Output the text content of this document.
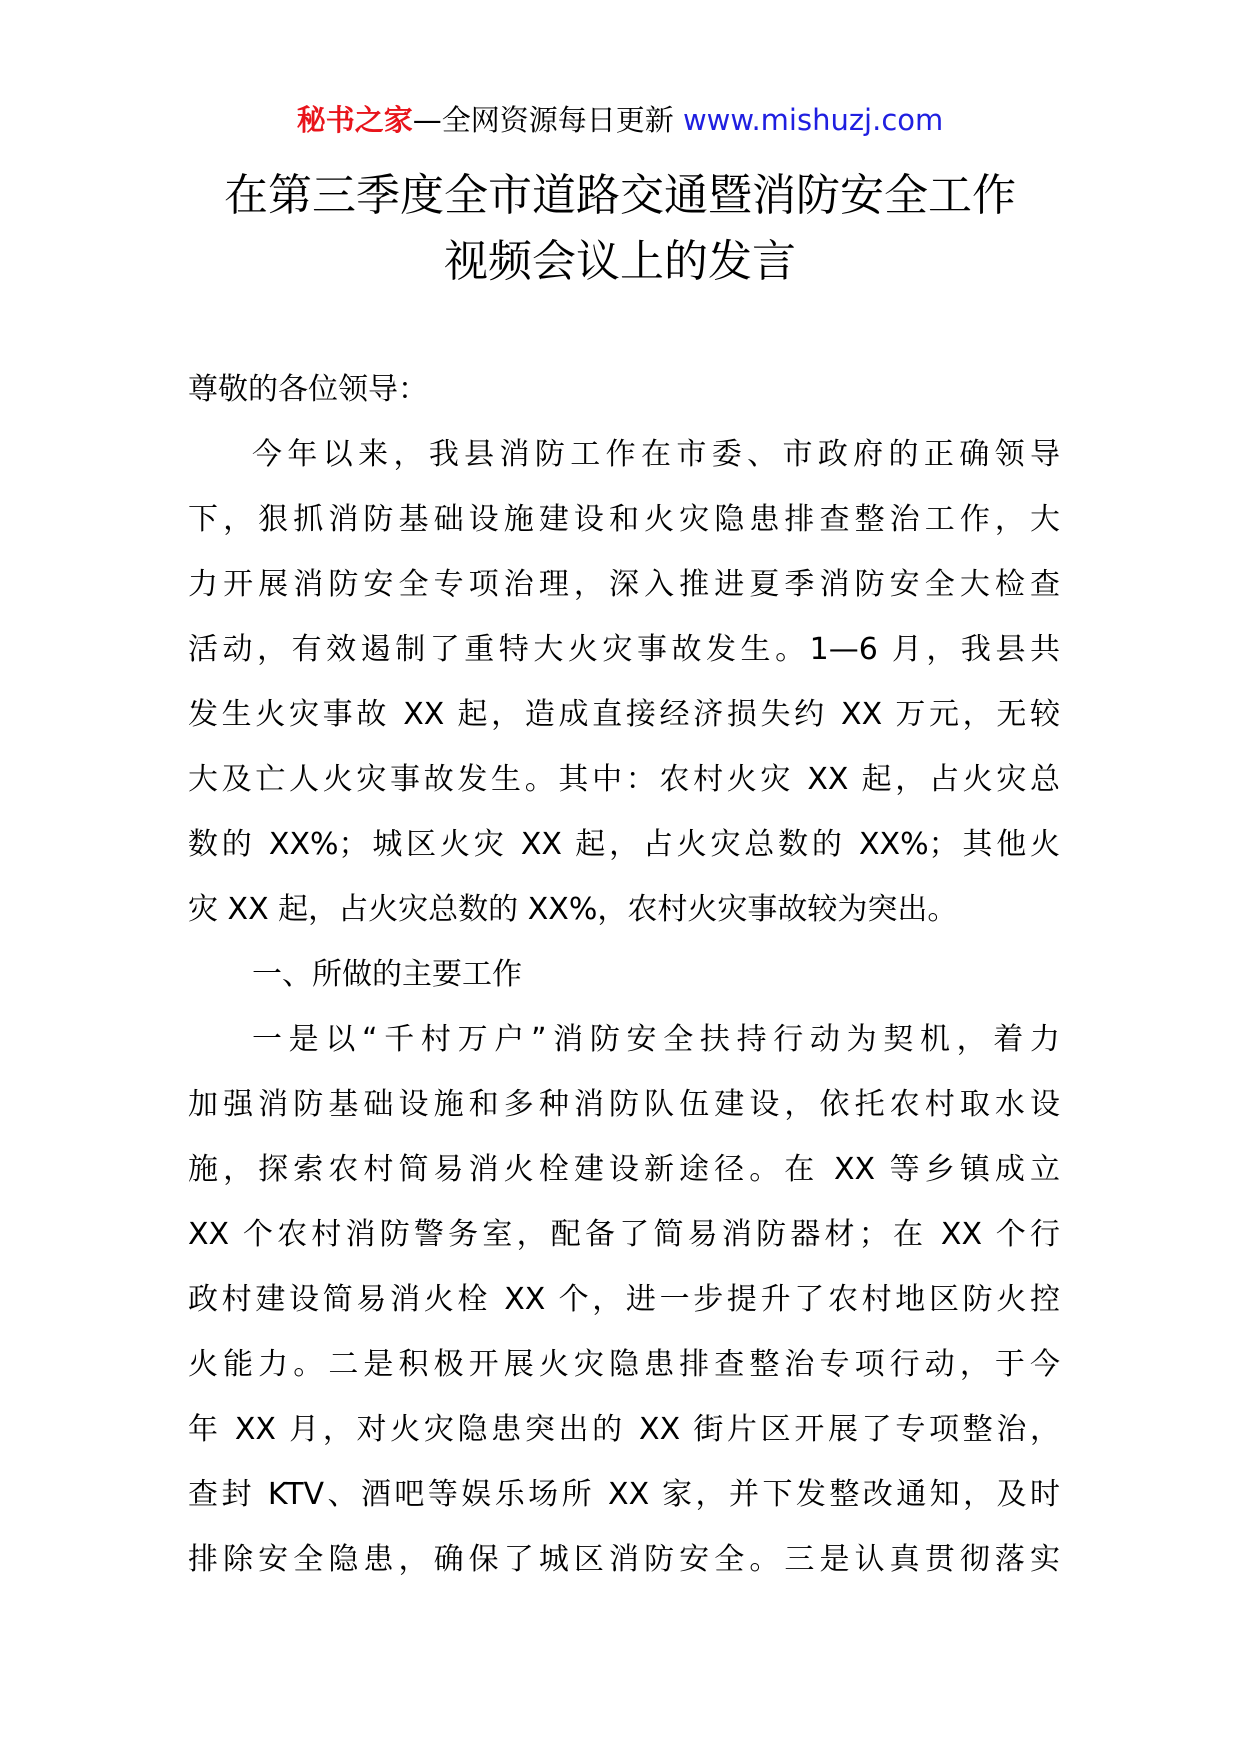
秘书之家—全网资源每日更新 www.mishuzj.com
在第三季度全市道路交通暨消防安全工作
视频会议上的发言
尊敬的各位领导：
今年以来，我县消防工作在市委、市政府的正确领导
下，狠抓消防基础设施建设和火灾隐患排查整治工作，大
力开展消防安全专项治理，深入推进夏季消防安全大检查
活动，有效遏制了重特大火灾事故发生。1—6 月，我县共
发生火灾事故 XX 起，造成直接经济损失约 XX 万元，无较
大及亡人火灾事故发生。其中：农村火灾 XX 起，占火灾总
数的 XX%；城区火灾 XX 起，占火灾总数的 XX%；其他火
灾 XX 起，占火灾总数的 XX%，农村火灾事故较为突出。
一、所做的主要工作
一是以“千村万户”消防安全扶持行动为契机，着力
加强消防基础设施和多种消防队伍建设，依托农村取水设
施，探索农村简易消火栓建设新途径。在 XX 等乡镇成立
XX 个农村消防警务室，配备了简易消防器材；在 XX 个行
政村建设简易消火栓 XX 个，进一步提升了农村地区防火控
火能力。二是积极开展火灾隐患排查整治专项行动，于今
年 XX 月，对火灾隐患突出的 XX 街片区开展了专项整治，
查封 KTV、酒吧等娱乐场所 XX 家，并下发整改通知，及时
排除安全隐患，确保了城区消防安全。三是认真贯彻落实
